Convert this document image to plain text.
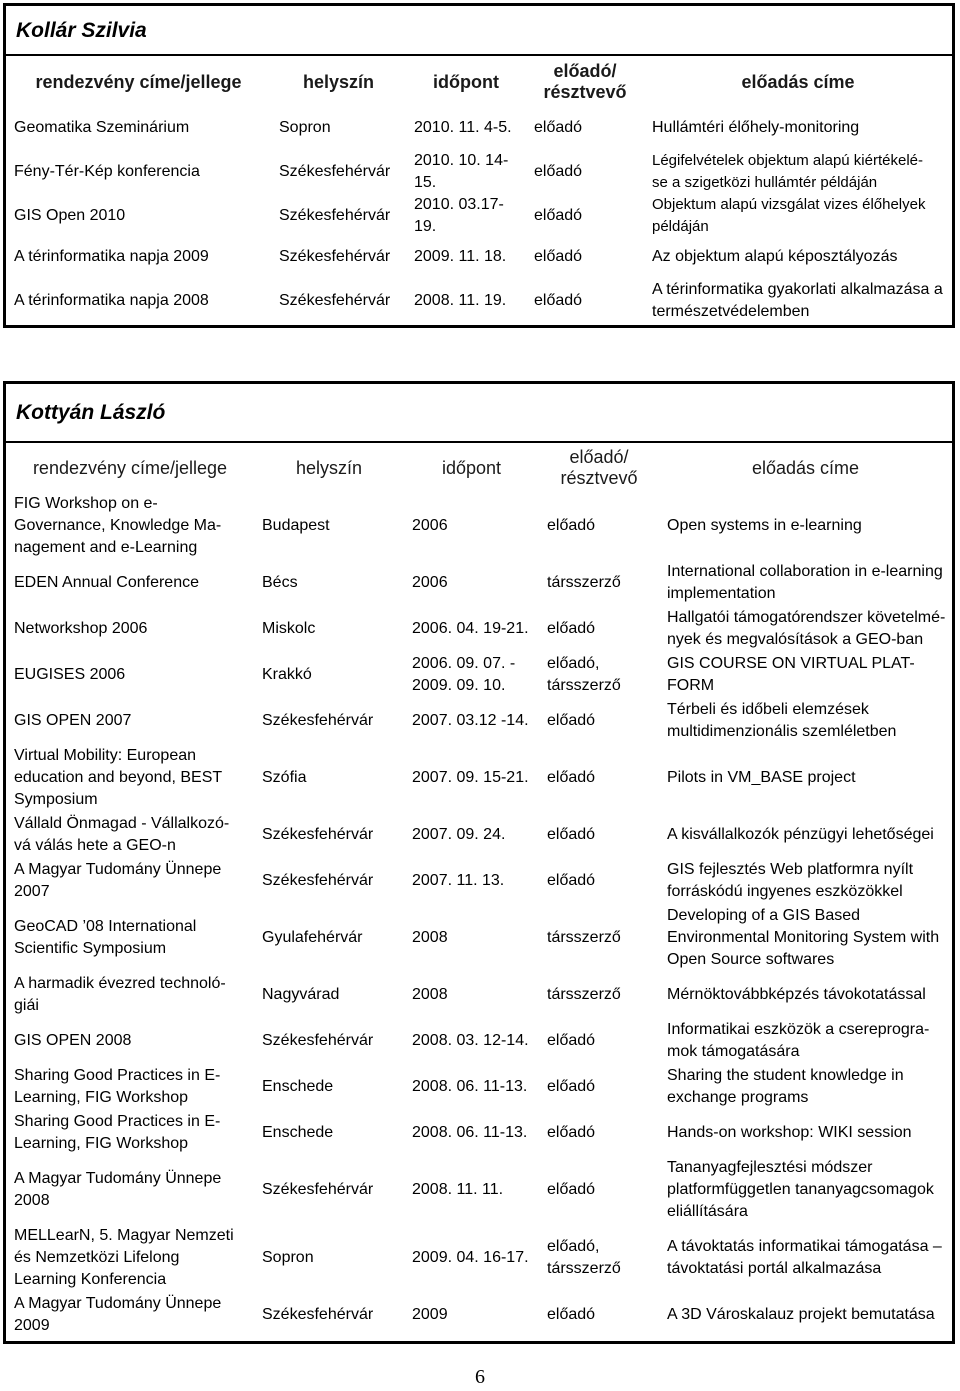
Kollár Szilvia
rendezvény címe/jellege	helyszín	időpont	előadó/
résztvevő	előadás címe
Geomatika Szeminárium	Sopron	2010. 11. 4-5.	előadó	Hullámtéri élőhely-monitoring
Fény-Tér-Kép konferencia	Székesfehérvár	2010. 10. 14-15.	előadó	Légifelvételek objektum alapú kiértékelé-
se a szigetközi hullámtér példáján
GIS Open 2010	Székesfehérvár	2010. 03.17-19.	előadó	Objektum alapú vizsgálat vizes élőhelyek
példáján
A térinformatika napja 2009	Székesfehérvár	2009. 11. 18.	előadó	Az objektum alapú képosztályozás
A térinformatika napja 2008	Székesfehérvár	2008. 11. 19.	előadó	A térinformatika gyakorlati alkalmazása a
természetvédelemben
Kottyán László
rendezvény címe/jellege	helyszín	időpont	előadó/
résztvevő	előadás címe
FIG Workshop on e-
Governance, Knowledge Ma-
nagement and e-Learning	Budapest	2006	előadó	Open systems in e-learning
EDEN Annual Conference	Bécs	2006	társszerző	International collaboration in e-learning
implementation
Networkshop 2006	Miskolc	2006. 04. 19-21.	előadó	Hallgatói támogatórendszer követelmé-
nyek és megvalósítások a GEO-ban
EUGISES 2006	Krakkó	2006. 09. 07. -
2009. 09. 10.	előadó,
társszerző	GIS COURSE ON VIRTUAL PLAT-
FORM
GIS OPEN 2007	Székesfehérvár	2007. 03.12 -14.	előadó	Térbeli és időbeli elemzések
multidimenzionális szemléletben
Virtual Mobility: European
education and beyond, BEST
Symposium	Szófia	2007. 09. 15-21.	előadó	Pilots in VM_BASE project
Vállald Önmagad - Vállalkozó-
vá válás hete a GEO-n	Székesfehérvár	2007. 09. 24.	előadó	A kisvállalkozók pénzügyi lehetőségei
A Magyar Tudomány Ünnepe
2007	Székesfehérvár	2007. 11. 13.	előadó	GIS fejlesztés Web platformra nyílt
forráskódú ingyenes eszközökkel
GeoCAD ’08 International
Scientific Symposium	Gyulafehérvár	2008	társszerző	Developing of a GIS Based
Environmental Monitoring System with
Open Source softwares
A harmadik évezred technoló-
giái	Nagyvárad	2008	társszerző	Mérnöktovábbképzés távokotatással
GIS OPEN 2008	Székesfehérvár	2008. 03. 12-14.	előadó	Informatikai eszközök a csereprogra-
mok támogatására
Sharing Good Practices in E-
Learning, FIG Workshop	Enschede	2008. 06. 11-13.	előadó	Sharing the student knowledge in
exchange programs
Sharing Good Practices in E-
Learning, FIG Workshop	Enschede	2008. 06. 11-13.	előadó	Hands-on workshop: WIKI session
A Magyar Tudomány Ünnepe
2008	Székesfehérvár	2008. 11. 11.	előadó	Tananyagfejlesztési módszer
platformfüggetlen tananyagcsomagok
eliállítására
MELLearN, 5. Magyar Nemzeti
és Nemzetközi Lifelong
Learning Konferencia	Sopron	2009. 04. 16-17.	előadó,
társszerző	A távoktatás informatikai támogatása –
távoktatási portál alkalmazása
A Magyar Tudomány Ünnepe
2009	Székesfehérvár	2009	előadó	A 3D Városkalauz projekt bemutatása
6
